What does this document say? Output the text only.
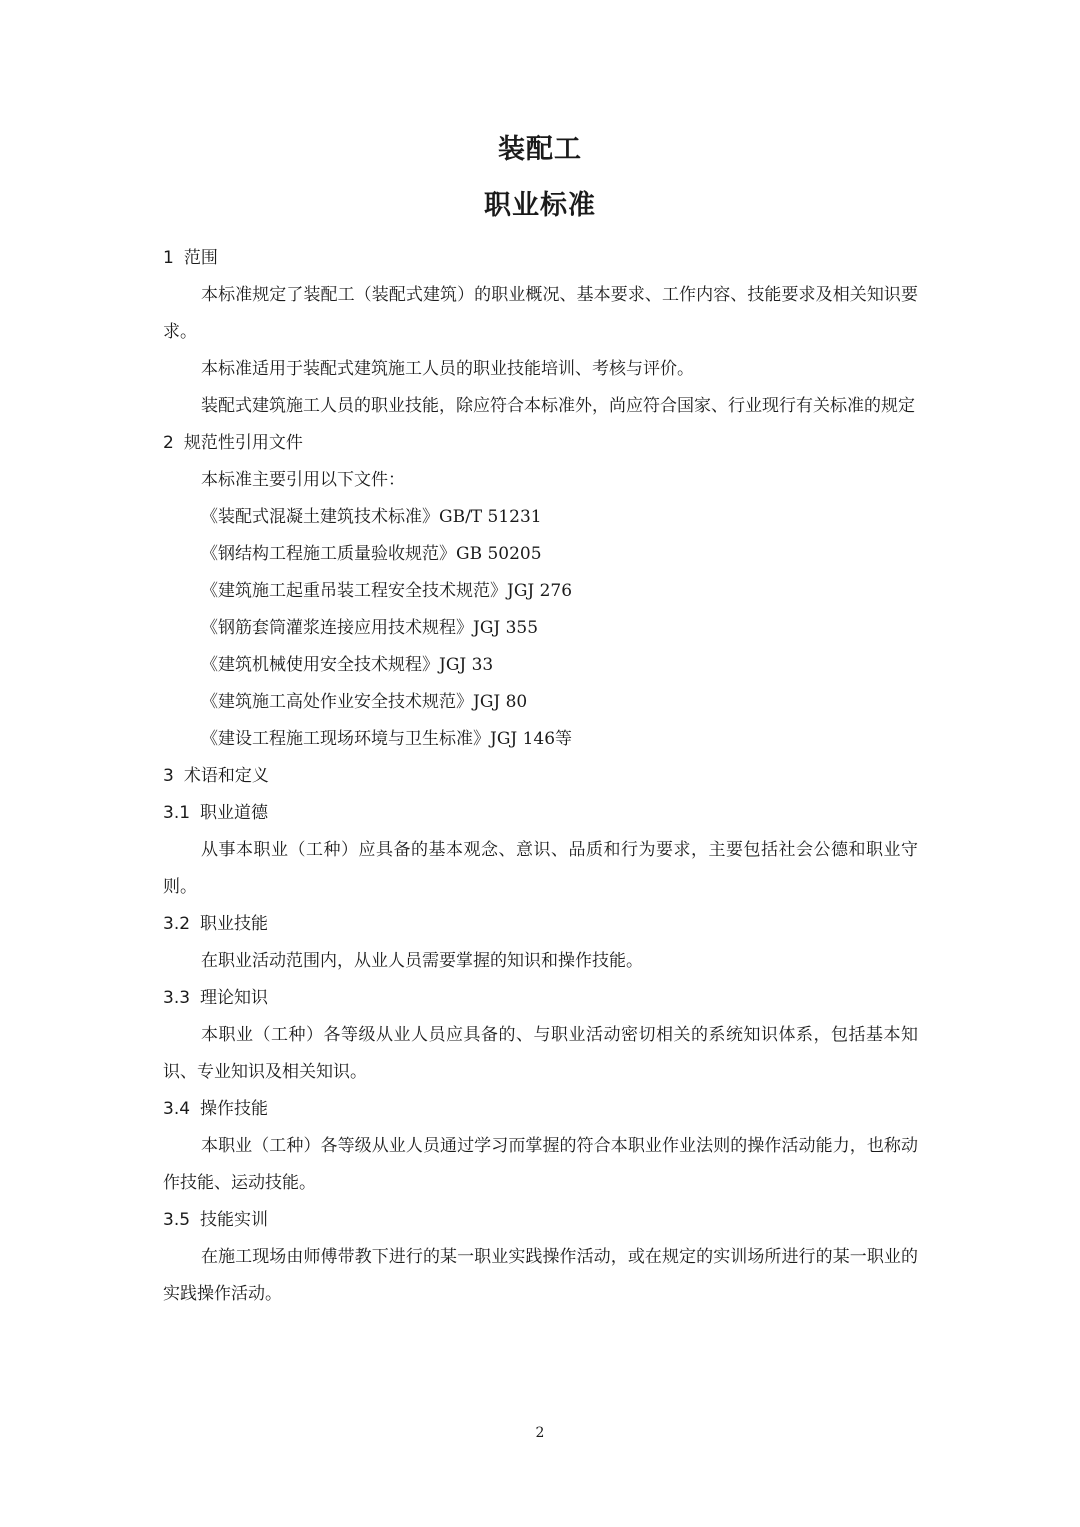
装配工
职业标准
1 范围

本标准规定了装配工（装配式建筑）的职业概况、基本要求、工作内容、技能要求及相关知识要求。

本标准适用于装配式建筑施工人员的职业技能培训、考核与评价。

装配式建筑施工人员的职业技能，除应符合本标准外，尚应符合国家、行业现行有关标准的规定

2 规范性引用文件

本标准主要引用以下文件：

《装配式混凝土建筑技术标准》GB/T 51231
《钢结构工程施工质量验收规范》GB 50205
《建筑施工起重吊装工程安全技术规范》JGJ 276
《钢筋套筒灌浆连接应用技术规程》JGJ 355
《建筑机械使用安全技术规程》JGJ 33
《建筑施工高处作业安全技术规范》JGJ 80
《建设工程施工现场环境与卫生标准》JGJ 146等
3 术语和定义
3.1 职业道德

从事本职业（工种）应具备的基本观念、意识、品质和行为要求，主要包括社会公德和职业守则。

3.2 职业技能

在职业活动范围内，从业人员需要掌握的知识和操作技能。

3.3 理论知识

本职业（工种）各等级从业人员应具备的、与职业活动密切相关的系统知识体系，包括基本知识、专业知识及相关知识。

3.4 操作技能

本职业（工种）各等级从业人员通过学习而掌握的符合本职业作业法则的操作活动能力，也称动作技能、运动技能。

3.5 技能实训

在施工现场由师傅带教下进行的某一职业实践操作活动，或在规定的实训场所进行的某一职业的实践操作活动。

2
